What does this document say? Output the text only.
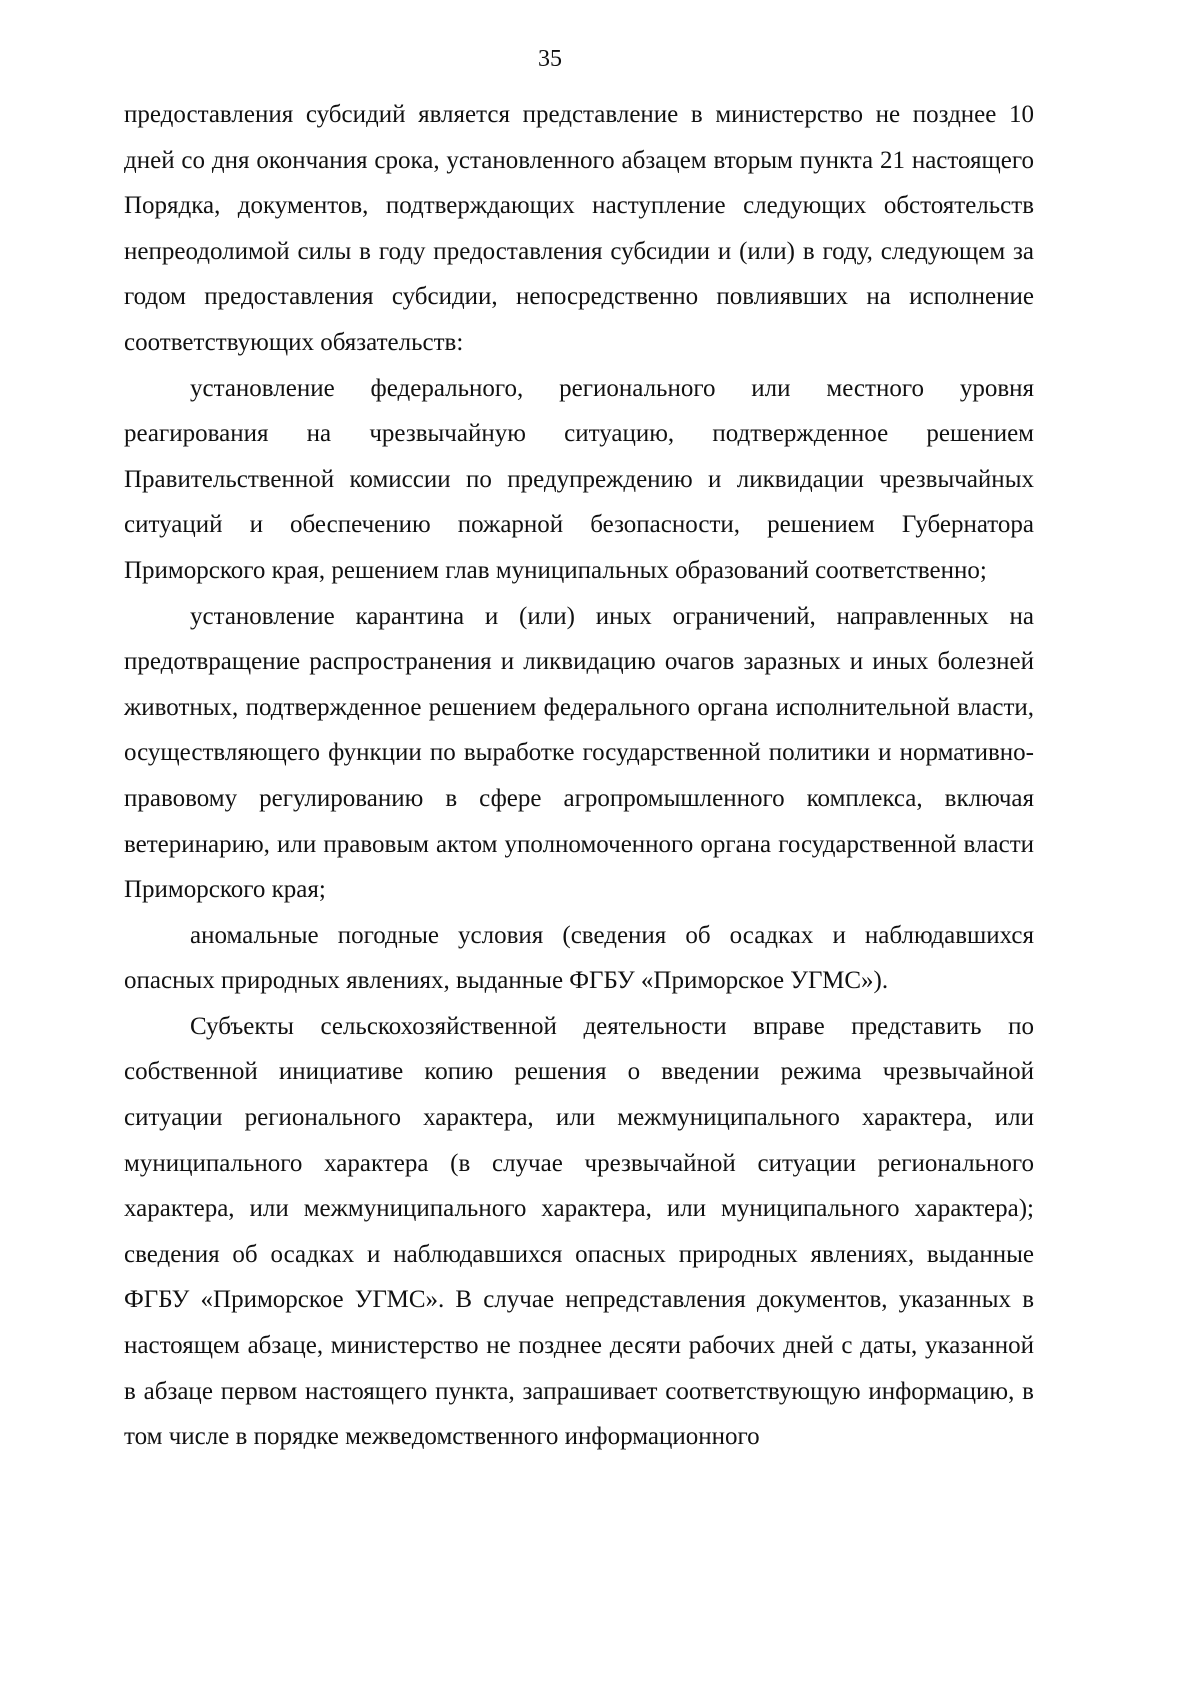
35

предоставления субсидий является представление в министерство не позднее 10 дней со дня окончания срока, установленного абзацем вторым пункта 21 настоящего Порядка, документов, подтверждающих наступление следующих обстоятельств непреодолимой силы в году предоставления субсидии и (или) в году, следующем за годом предоставления субсидии, непосредственно повлиявших на исполнение соответствующих обязательств:

установление федерального, регионального или местного уровня реагирования на чрезвычайную ситуацию, подтвержденное решением Правительственной комиссии по предупреждению и ликвидации чрезвычайных ситуаций и обеспечению пожарной безопасности, решением Губернатора Приморского края, решением глав муниципальных образований соответственно;

установление карантина и (или) иных ограничений, направленных на предотвращение распространения и ликвидацию очагов заразных и иных болезней животных, подтвержденное решением федерального органа исполнительной власти, осуществляющего функции по выработке государственной политики и нормативно-правовому регулированию в сфере агропромышленного комплекса, включая ветеринарию, или правовым актом уполномоченного органа государственной власти Приморского края;

аномальные погодные условия (сведения об осадках и наблюдавшихся опасных природных явлениях, выданные ФГБУ «Приморское УГМС»).

Субъекты сельскохозяйственной деятельности вправе представить по собственной инициативе копию решения о введении режима чрезвычайной ситуации регионального характера, или межмуниципального характера, или муниципального характера (в случае чрезвычайной ситуации регионального характера, или межмуниципального характера, или муниципального характера); сведения об осадках и наблюдавшихся опасных природных явлениях, выданные ФГБУ «Приморское УГМС». В случае непредставления документов, указанных в настоящем абзаце, министерство не позднее десяти рабочих дней с даты, указанной в абзаце первом настоящего пункта, запрашивает соответствующую информацию, в том числе в порядке межведомственного информационного
